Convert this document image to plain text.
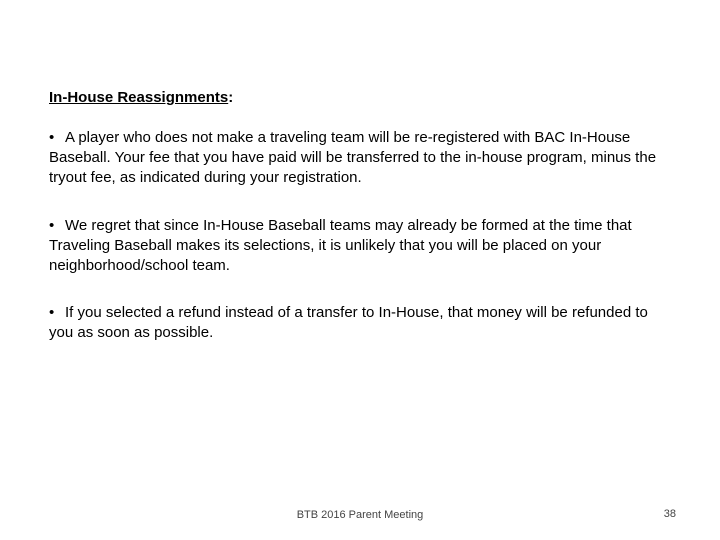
In-House Reassignments:
• A player who does not make a traveling team will be re-registered with BAC In-House Baseball. Your fee that you have paid will be transferred to the in-house program, minus the tryout fee, as indicated during your registration.
• We regret that since In-House Baseball teams may already be formed at the time that Traveling Baseball makes its selections, it is unlikely that you will be placed on your neighborhood/school team.
• If you selected a refund instead of a transfer to In-House, that money will be refunded to you as soon as possible.
BTB 2016 Parent Meeting	38
